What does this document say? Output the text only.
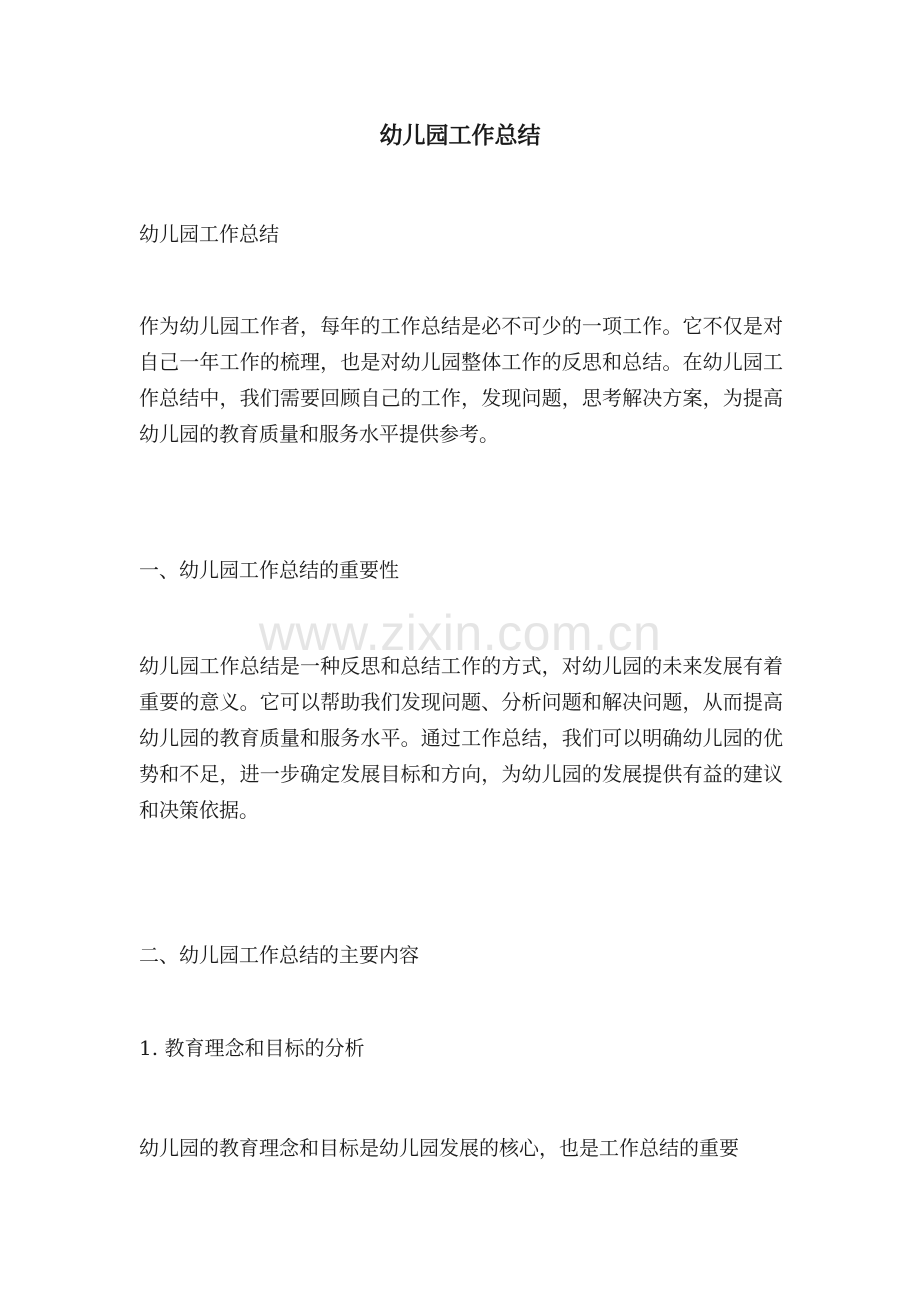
幼儿园工作总结

幼儿园工作总结

作为幼儿园工作者，每年的工作总结是必不可少的一项工作。它不仅是对自己一年工作的梳理，也是对幼儿园整体工作的反思和总结。在幼儿园工作总结中，我们需要回顾自己的工作，发现问题，思考解决方案，为提高幼儿园的教育质量和服务水平提供参考。

一、幼儿园工作总结的重要性

幼儿园工作总结是一种反思和总结工作的方式，对幼儿园的未来发展有着重要的意义。它可以帮助我们发现问题、分析问题和解决问题，从而提高幼儿园的教育质量和服务水平。通过工作总结，我们可以明确幼儿园的优势和不足，进一步确定发展目标和方向，为幼儿园的发展提供有益的建议和决策依据。

二、幼儿园工作总结的主要内容

1. 教育理念和目标的分析

幼儿园的教育理念和目标是幼儿园发展的核心，也是工作总结的重要

www.zixin.com.cn
